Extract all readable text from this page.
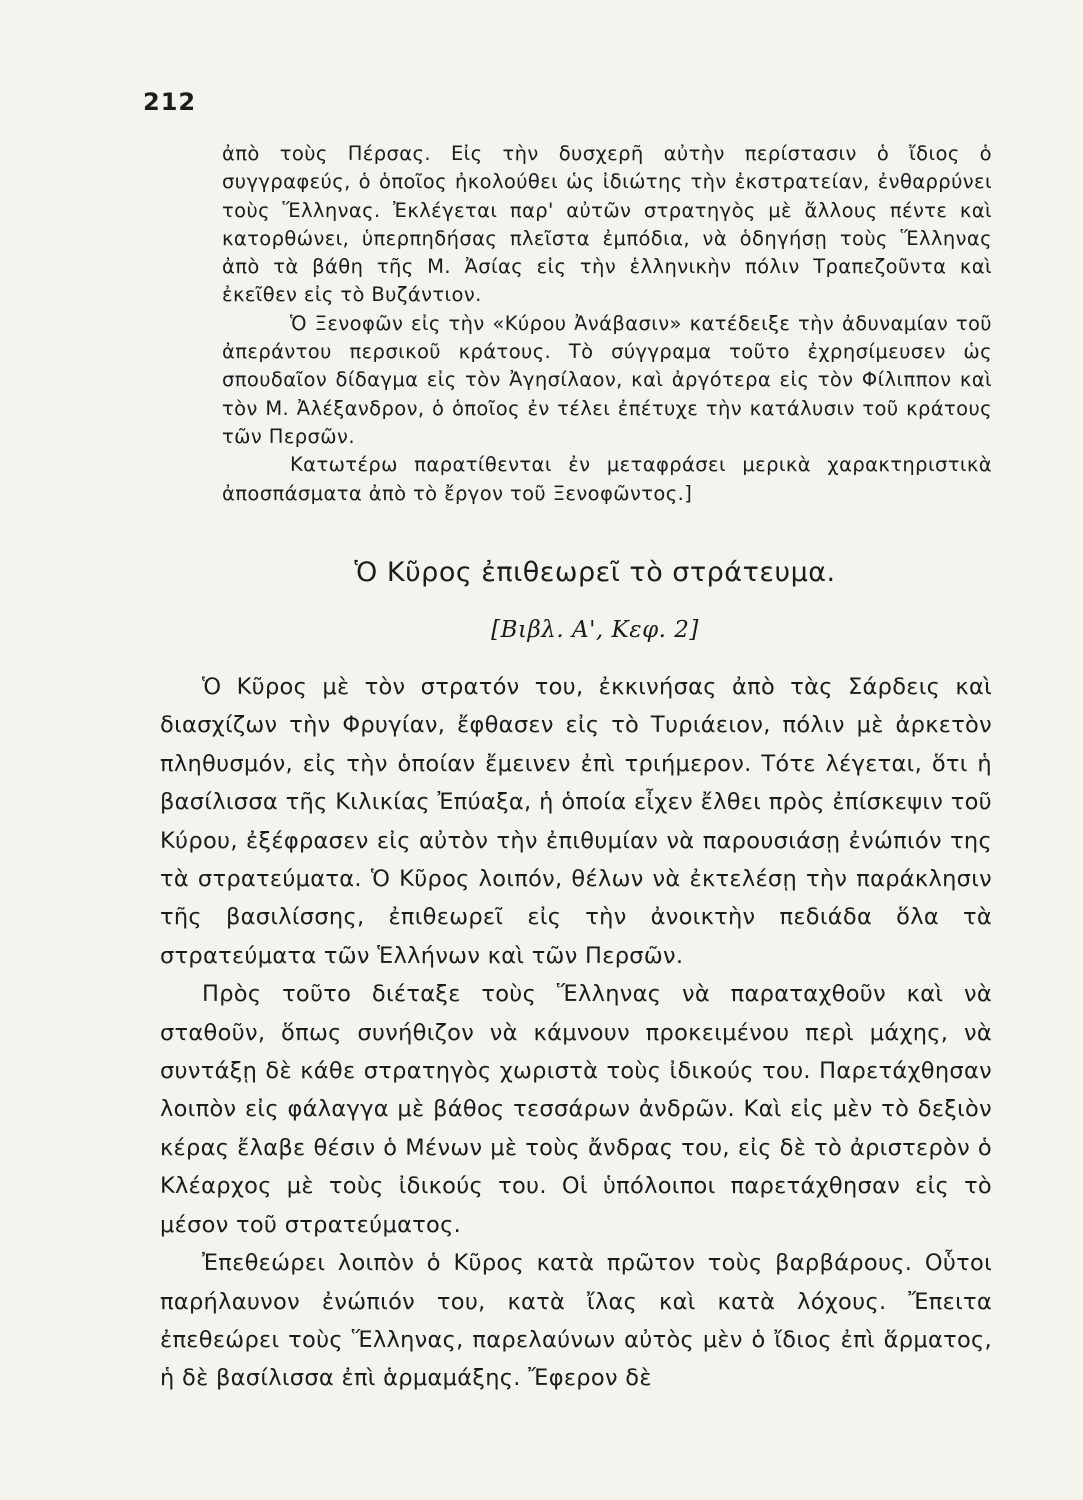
212

ἀπὸ τοὺς Πέρσας. Εἰς τὴν δυσχερῆ αὐτὴν περίστασιν ὁ ἴδιος ὁ συγγραφεύς, ὁ ὁποῖος ἠκολούθει ὡς ἰδιώτης τὴν ἐκστρατείαν, ἐνθαρρύνει τοὺς Ἕλληνας. Ἐκλέγεται παρ' αὐτῶν στρατηγὸς μὲ ἄλλους πέντε καὶ κατορθώνει, ὑπερπηδήσας πλεῖστα ἐμπόδια, νὰ ὁδηγήσῃ τοὺς Ἕλληνας ἀπὸ τὰ βάθη τῆς Μ. Ἀσίας εἰς τὴν ἑλληνικὴν πόλιν Τραπεζοῦντα καὶ ἐκεῖθεν εἰς τὸ Βυζάντιον.

Ὁ Ξενοφῶν εἰς τὴν «Κύρου Ἀνάβασιν» κατέδειξε τὴν ἀδυναμίαν τοῦ ἀπεράντου περσικοῦ κράτους. Τὸ σύγγραμα τοῦτο ἐχρησίμευσεν ὡς σπουδαῖον δίδαγμα εἰς τὸν Ἀγησίλαον, καὶ ἀργότερα εἰς τὸν Φίλιππον καὶ τὸν Μ. Ἀλέξανδρον, ὁ ὁποῖος ἐν τέλει ἐπέτυχε τὴν κατάλυσιν τοῦ κράτους τῶν Περσῶν.

Κατωτέρω παρατίθενται ἐν μεταφράσει μερικὰ χαρακτηριστικὰ ἀποσπάσματα ἀπὸ τὸ ἔργον τοῦ Ξενοφῶντος.]

Ὁ Κῦρος ἐπιθεωρεῖ τὸ στράτευμα.
[Βιβλ. Α', Κεφ. 2]

Ὁ Κῦρος μὲ τὸν στρατόν του, ἐκκινήσας ἀπὸ τὰς Σάρδεις καὶ διασχίζων τὴν Φρυγίαν, ἔφθασεν εἰς τὸ Τυριάειον, πόλιν μὲ ἀρκετὸν πληθυσμόν, εἰς τὴν ὁποίαν ἔμεινεν ἐπὶ τριήμερον. Τότε λέγεται, ὅτι ἡ βασίλισσα τῆς Κιλικίας Ἐπύαξα, ἡ ὁποία εἶχεν ἔλθει πρὸς ἐπίσκεψιν τοῦ Κύρου, ἐξέφρασεν εἰς αὐτὸν τὴν ἐπιθυμίαν νὰ παρουσιάσῃ ἐνώπιόν της τὰ στρατεύματα. Ὁ Κῦρος λοιπόν, θέλων νὰ ἐκτελέσῃ τὴν παράκλησιν τῆς βασιλίσσης, ἐπιθεωρεῖ εἰς τὴν ἀνοικτὴν πεδιάδα ὅλα τὰ στρατεύματα τῶν Ἑλλήνων καὶ τῶν Περσῶν.

Πρὸς τοῦτο διέταξε τοὺς Ἕλληνας νὰ παραταχθοῦν καὶ νὰ σταθοῦν, ὅπως συνήθιζον νὰ κάμνουν προκειμένου περὶ μάχης, νὰ συντάξῃ δὲ κάθε στρατηγὸς χωριστὰ τοὺς ἰδικούς του. Παρετάχθησαν λοιπὸν εἰς φάλαγγα μὲ βάθος τεσσάρων ἀνδρῶν. Καὶ εἰς μὲν τὸ δεξιὸν κέρας ἔλαβε θέσιν ὁ Μένων μὲ τοὺς ἄνδρας του, εἰς δὲ τὸ ἀριστερὸν ὁ Κλέαρχος μὲ τοὺς ἰδικούς του. Οἱ ὑπόλοιποι παρετάχθησαν εἰς τὸ μέσον τοῦ στρατεύματος.

Ἐπεθεώρει λοιπὸν ὁ Κῦρος κατὰ πρῶτον τοὺς βαρβάρους. Οὗτοι παρήλαυνον ἐνώπιόν του, κατὰ ἴλας καὶ κατὰ λόχους. Ἔπειτα ἐπεθεώρει τοὺς Ἕλληνας, παρελαύνων αὐτὸς μὲν ὁ ἴδιος ἐπὶ ἅρματος, ἡ δὲ βασίλισσα ἐπὶ ἁρμαμάξης. Ἔφερον δὲ
